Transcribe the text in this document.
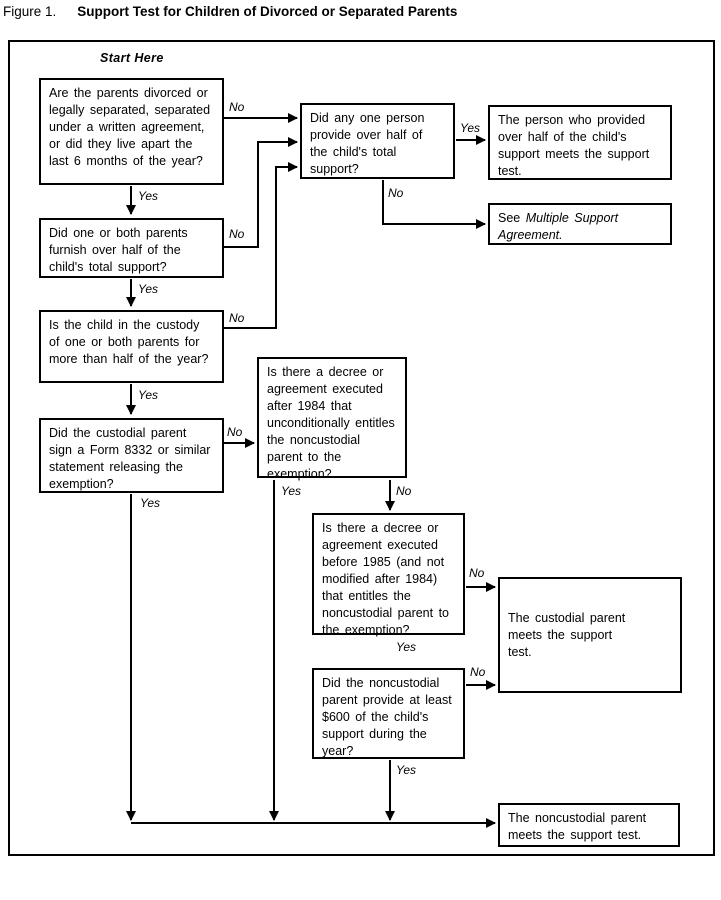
Figure 1. Support Test for Children of Divorced or Separated Parents
Start Here
Are the parents divorced or legally separated, separated under a written agreement, or did they live apart the last 6 months of the year?
Did one or both parents furnish over half of the child's total support?
Is the child in the custody of one or both parents for more than half of the year?
Did the custodial parent sign a Form 8332 or similar statement releasing the exemption?
Did any one person provide over half of the child's total support?
The person who provided over half of the child's support meets the support test.
See Multiple Support Agreement.
Is there a decree or agreement executed after 1984 that unconditionally entitles the noncustodial parent to the exemption?
Is there a decree or agreement executed before 1985 (and not modified after 1984) that entitles the noncustodial parent to the exemption?
Did the noncustodial parent provide at least $600 of the child's support during the year?
The custodial parent meets the support test.
The noncustodial parent meets the support test.
Yes
No
Yes
No
Yes
No
Yes
No
Yes
No
Yes	No
Yes
No
No
Yes
